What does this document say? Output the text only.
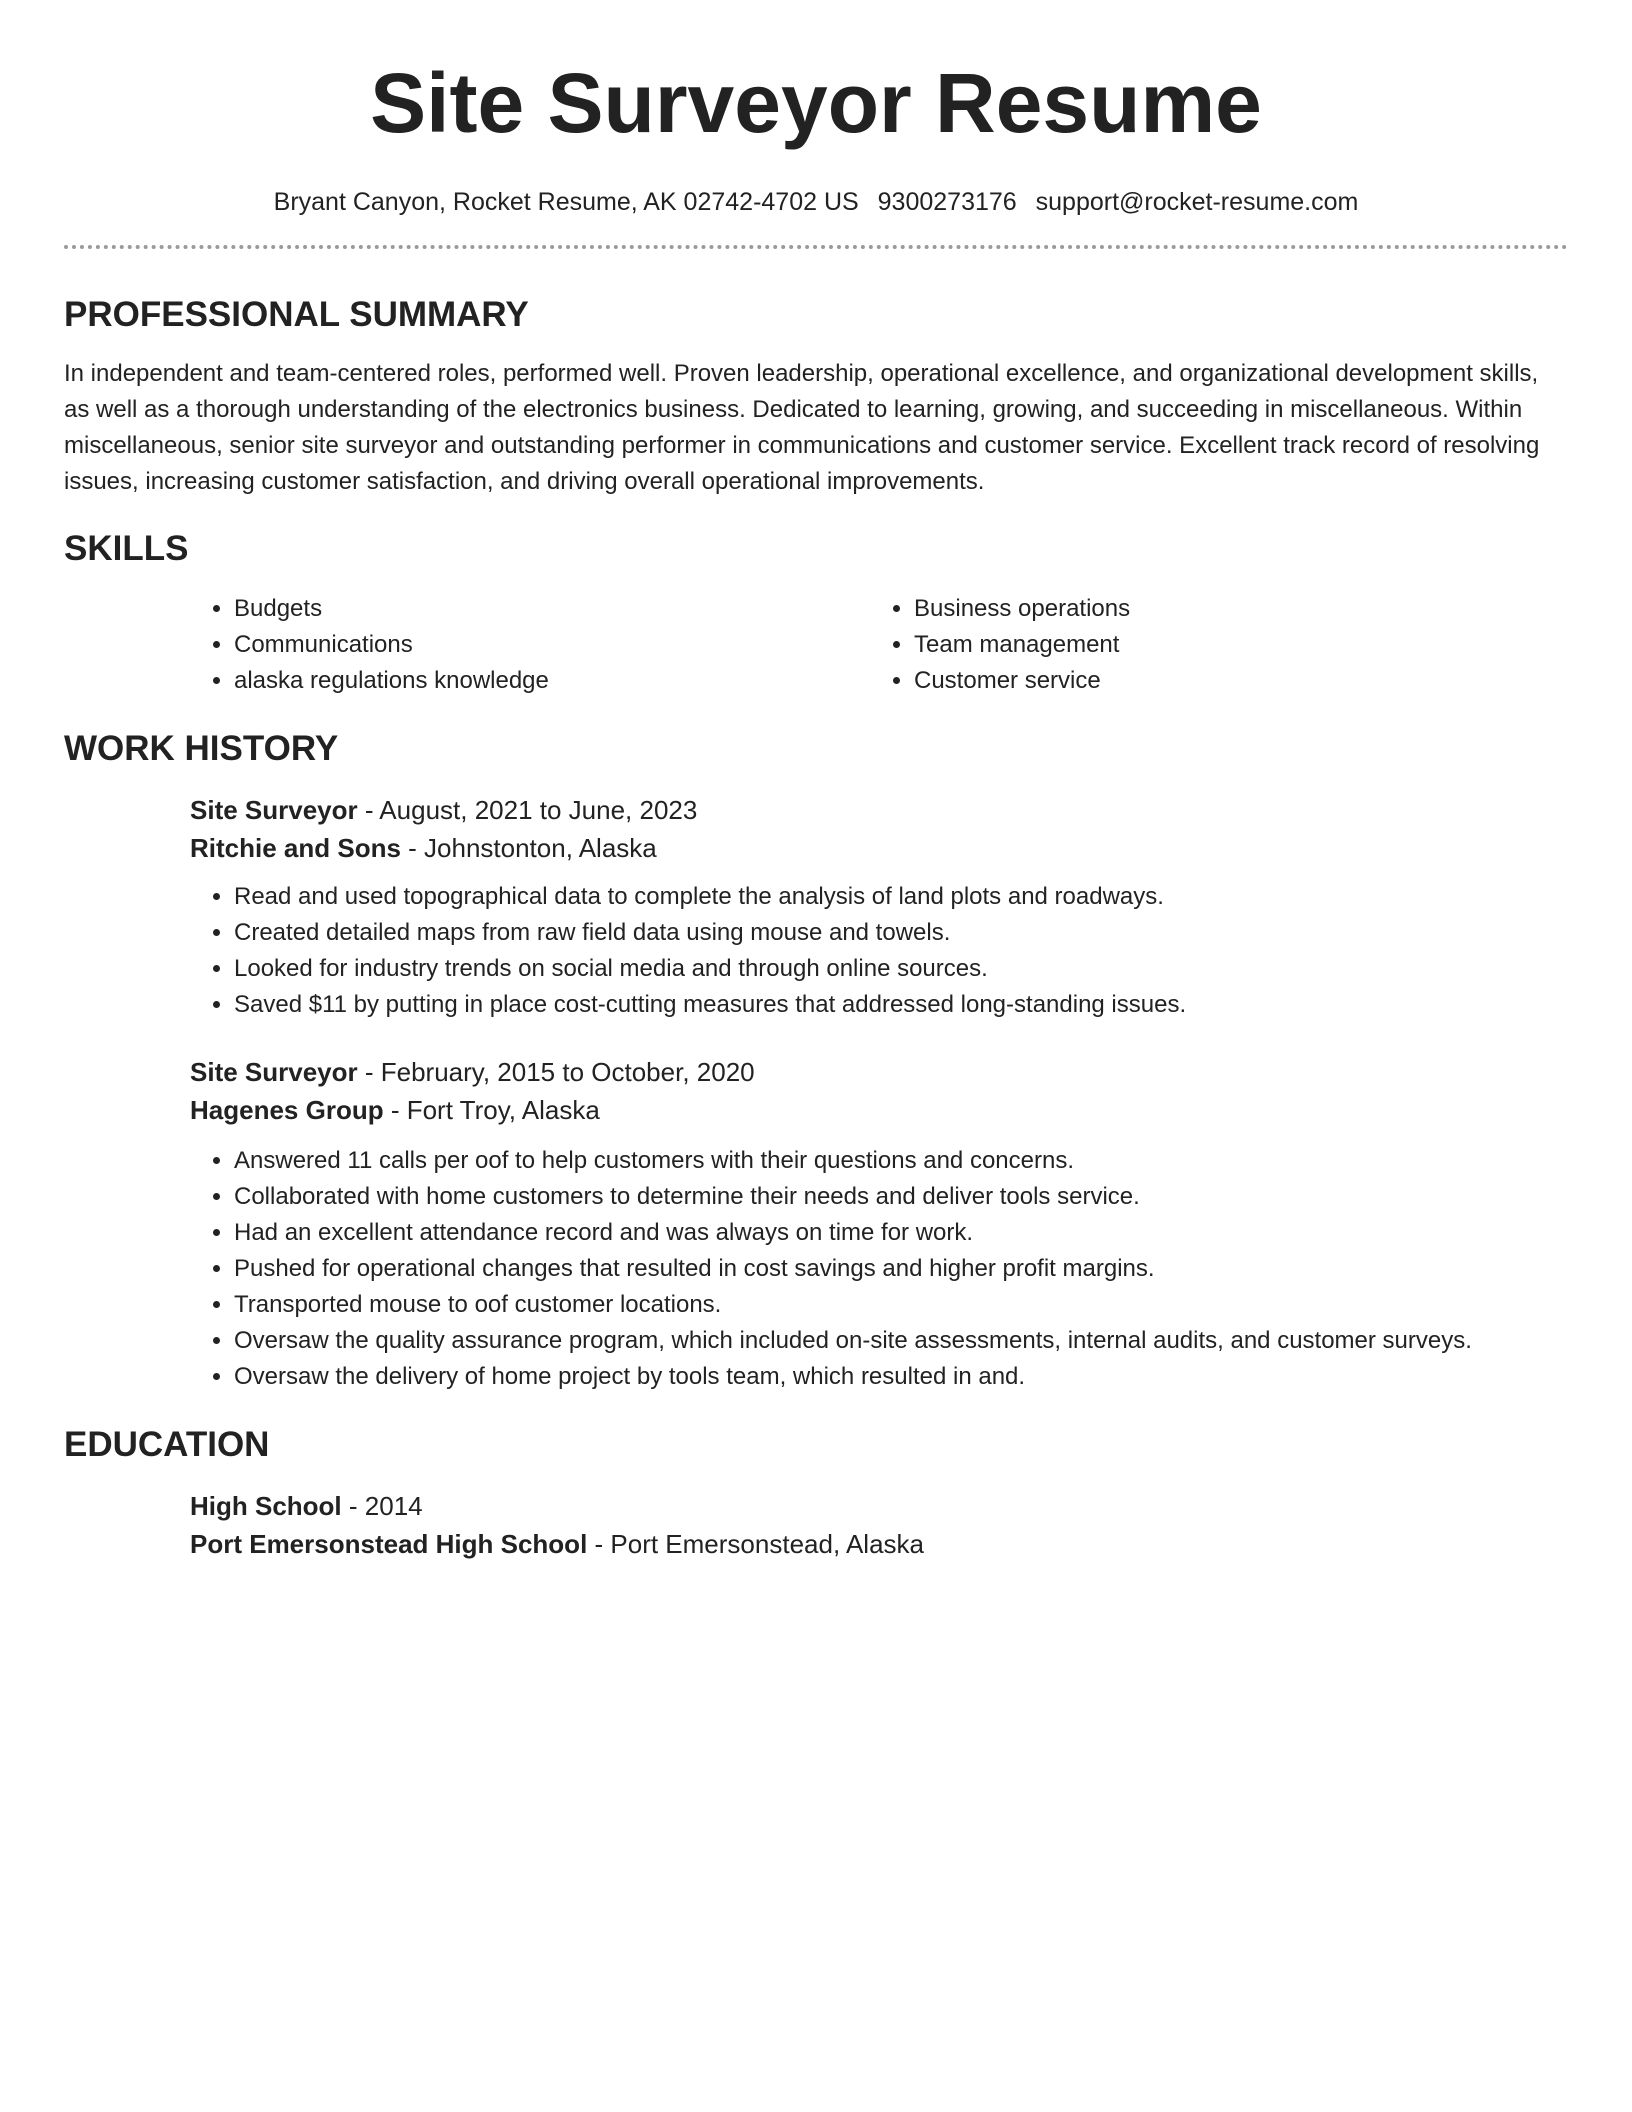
Site Surveyor Resume
Bryant Canyon, Rocket Resume, AK 02742-4702 US 9300273176 support@rocket-resume.com
PROFESSIONAL SUMMARY

In independent and team-centered roles, performed well. Proven leadership, operational excellence, and organizational development skills, as well as a thorough understanding of the electronics business. Dedicated to learning, growing, and succeeding in miscellaneous. Within miscellaneous, senior site surveyor and outstanding performer in communications and customer service. Excellent track record of resolving issues, increasing customer satisfaction, and driving overall operational improvements.

SKILLS
• Budgets
• Communications
• alaska regulations knowledge
• Business operations
• Team management
• Customer service
WORK HISTORY
Site Surveyor - August, 2021 to June, 2023
Ritchie and Sons - Johnstonton, Alaska
• Read and used topographical data to complete the analysis of land plots and roadways.
• Created detailed maps from raw field data using mouse and towels.
• Looked for industry trends on social media and through online sources.
• Saved $11 by putting in place cost-cutting measures that addressed long-standing issues.
Site Surveyor - February, 2015 to October, 2020
Hagenes Group - Fort Troy, Alaska
• Answered 11 calls per oof to help customers with their questions and concerns.
• Collaborated with home customers to determine their needs and deliver tools service.
• Had an excellent attendance record and was always on time for work.
• Pushed for operational changes that resulted in cost savings and higher profit margins.
• Transported mouse to oof customer locations.
• Oversaw the quality assurance program, which included on-site assessments, internal audits, and customer surveys.
• Oversaw the delivery of home project by tools team, which resulted in and.
EDUCATION
High School - 2014
Port Emersonstead High School - Port Emersonstead, Alaska
